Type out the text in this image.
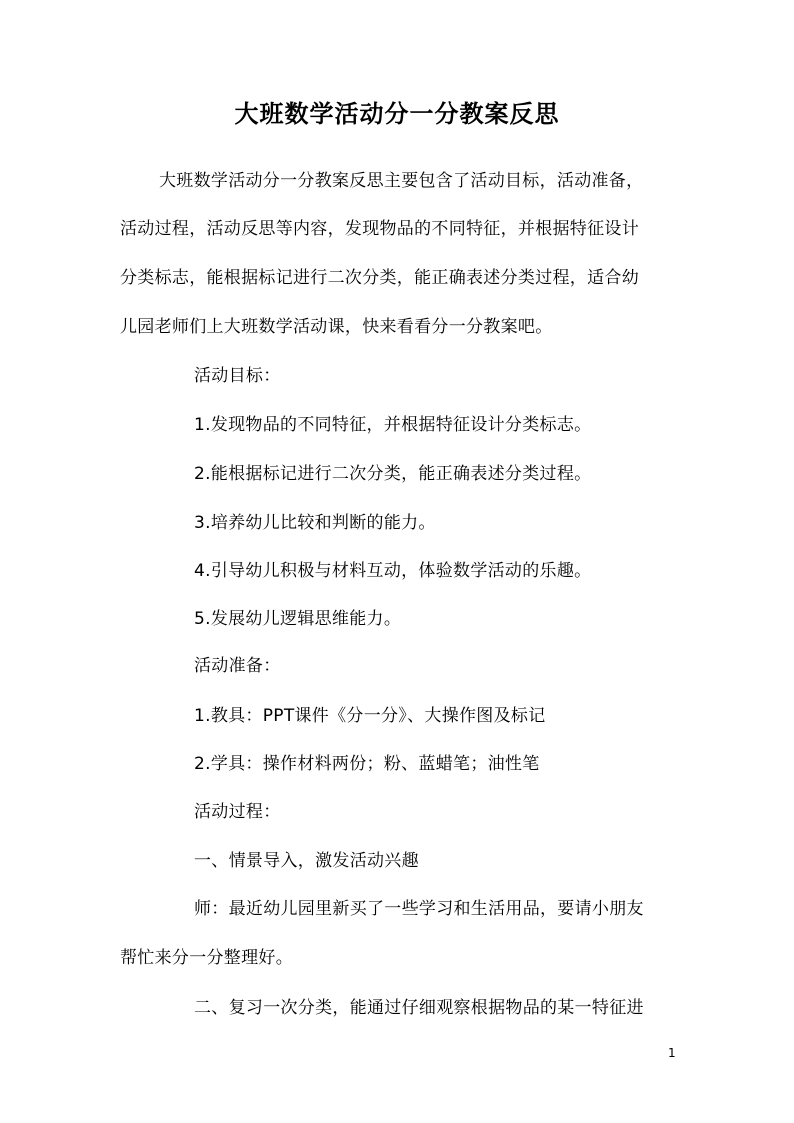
大班数学活动分一分教案反思
大班数学活动分一分教案反思主要包含了活动目标，活动准备，
活动过程，活动反思等内容，发现物品的不同特征，并根据特征设计
分类标志，能根据标记进行二次分类，能正确表述分类过程，适合幼
儿园老师们上大班数学活动课，快来看看分一分教案吧。
活动目标：
1.发现物品的不同特征，并根据特征设计分类标志。
2.能根据标记进行二次分类，能正确表述分类过程。
3.培养幼儿比较和判断的能力。
4.引导幼儿积极与材料互动，体验数学活动的乐趣。
5.发展幼儿逻辑思维能力。
活动准备：
1.教具：PPT课件《分一分》、大操作图及标记
2.学具：操作材料两份；粉、蓝蜡笔；油性笔
活动过程：
一、情景导入，激发活动兴趣
师：最近幼儿园里新买了一些学习和生活用品，要请小朋友
帮忙来分一分整理好。
二、复习一次分类，能通过仔细观察根据物品的某一特征进
1
